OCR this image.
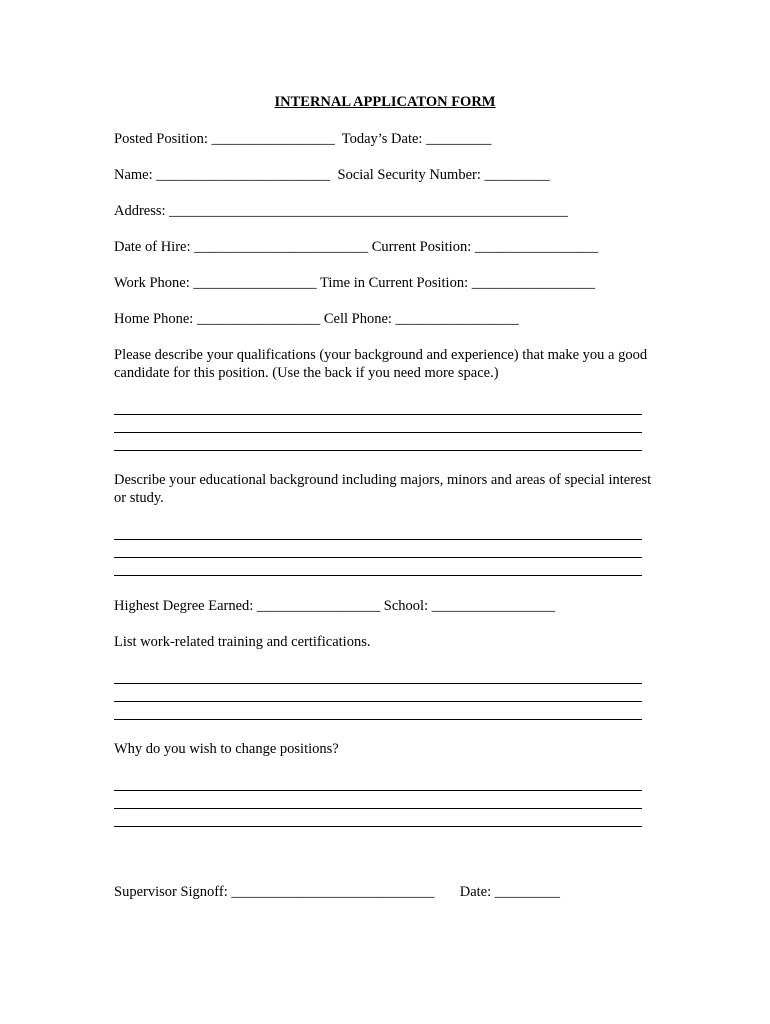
INTERNAL APPLICATON FORM
Posted Position: _________________  Today’s Date: _________
Name: ________________________  Social Security Number: _________
Address: _______________________________________________________
Date of Hire: ________________________ Current Position: _________________
Work Phone: _________________ Time in Current Position: _________________
Home Phone: _________________ Cell Phone: _________________
Please describe your qualifications (your background and experience) that make you a good candidate for this position. (Use the back if you need more space.)
Describe your educational background including majors, minors and areas of special interest or study.
Highest Degree Earned: _________________ School: _________________
List work-related training and certifications.
Why do you wish to change positions?
Supervisor Signoff: ____________________________       Date: _________
